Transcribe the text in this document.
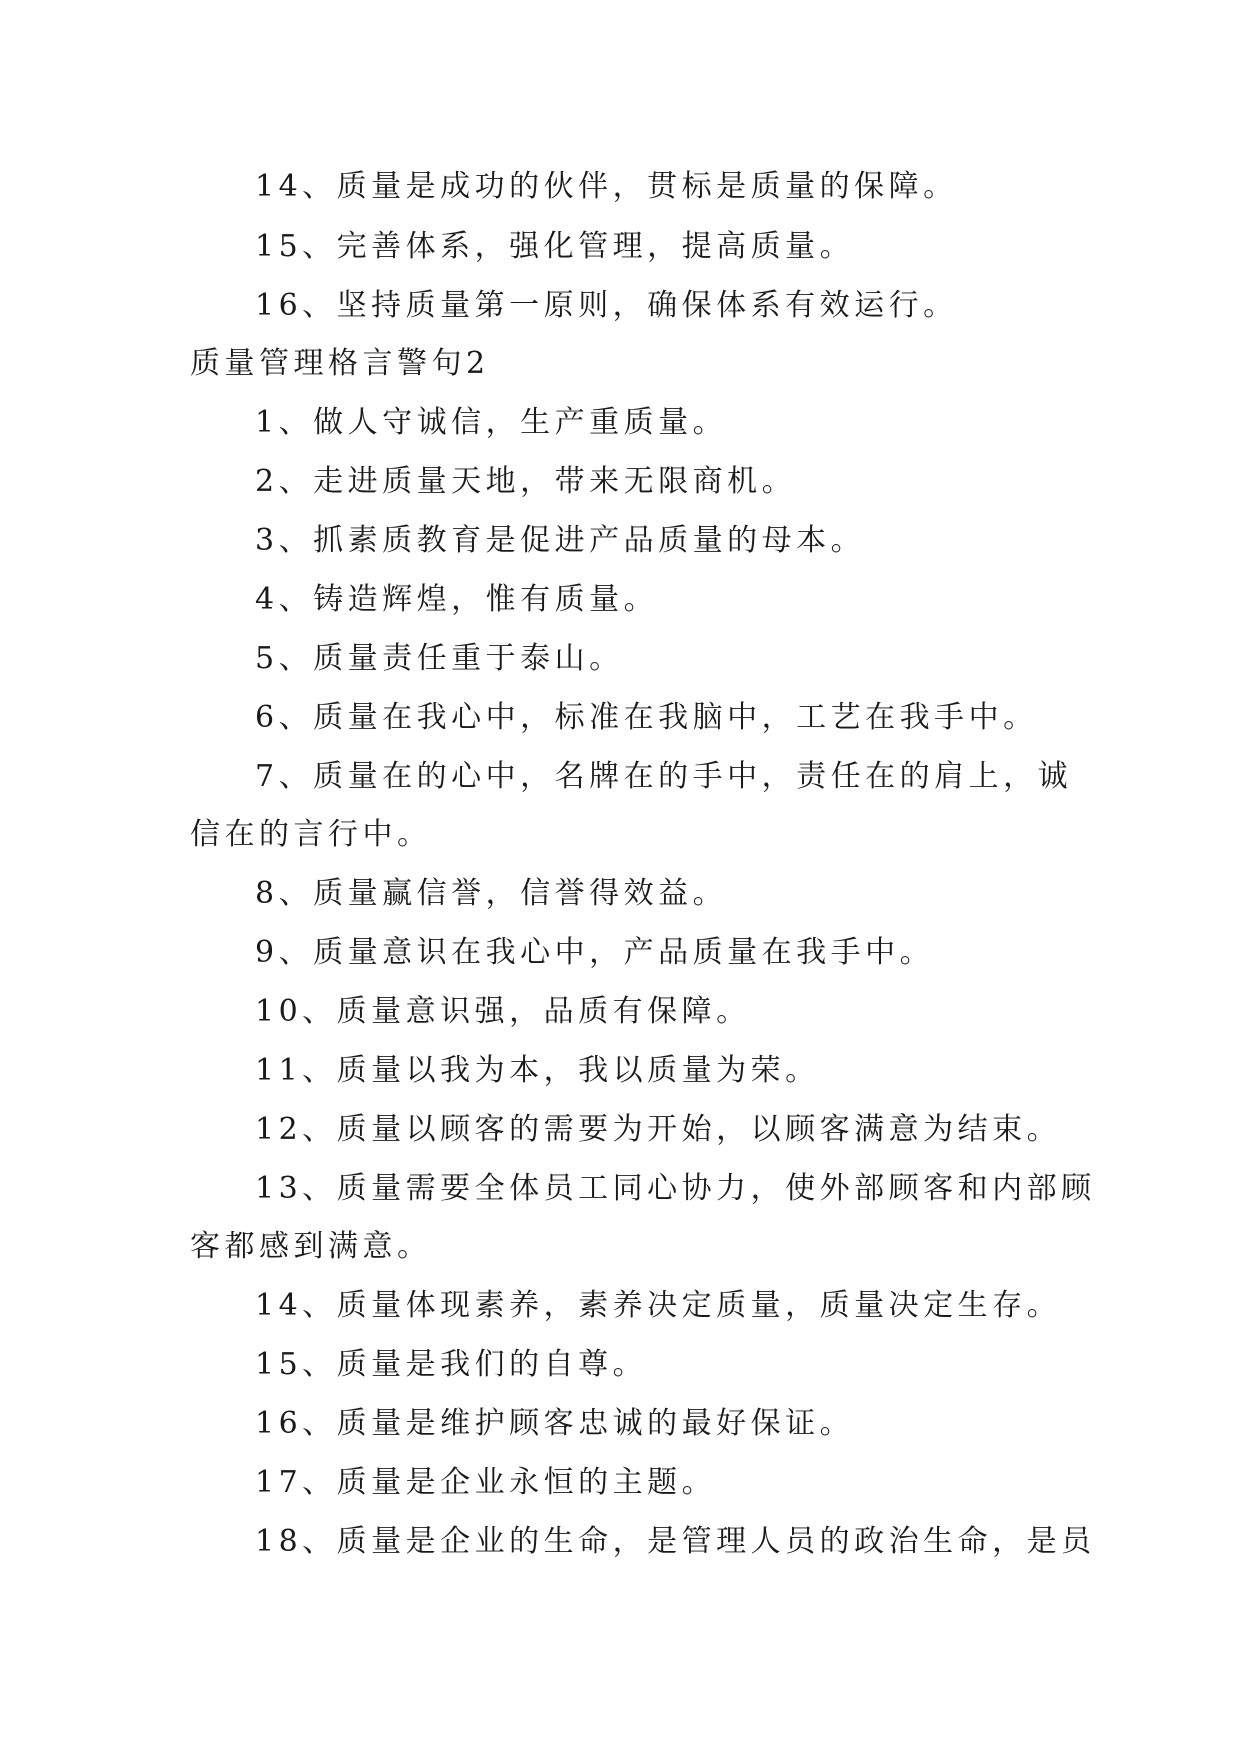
14、质量是成功的伙伴，贯标是质量的保障。
15、完善体系，强化管理，提高质量。
16、坚持质量第一原则，确保体系有效运行。
质量管理格言警句2
1、做人守诚信，生产重质量。
2、走进质量天地，带来无限商机。
3、抓素质教育是促进产品质量的母本。
4、铸造辉煌，惟有质量。
5、质量责任重于泰山。
6、质量在我心中，标准在我脑中，工艺在我手中。
7、质量在的心中，名牌在的手中，责任在的肩上，诚
信在的言行中。
8、质量赢信誉，信誉得效益。
9、质量意识在我心中，产品质量在我手中。
10、质量意识强，品质有保障。
11、质量以我为本，我以质量为荣。
12、质量以顾客的需要为开始，以顾客满意为结束。
13、质量需要全体员工同心协力，使外部顾客和内部顾
客都感到满意。
14、质量体现素养，素养决定质量，质量决定生存。
15、质量是我们的自尊。
16、质量是维护顾客忠诚的最好保证。
17、质量是企业永恒的主题。
18、质量是企业的生命，是管理人员的政治生命，是员
